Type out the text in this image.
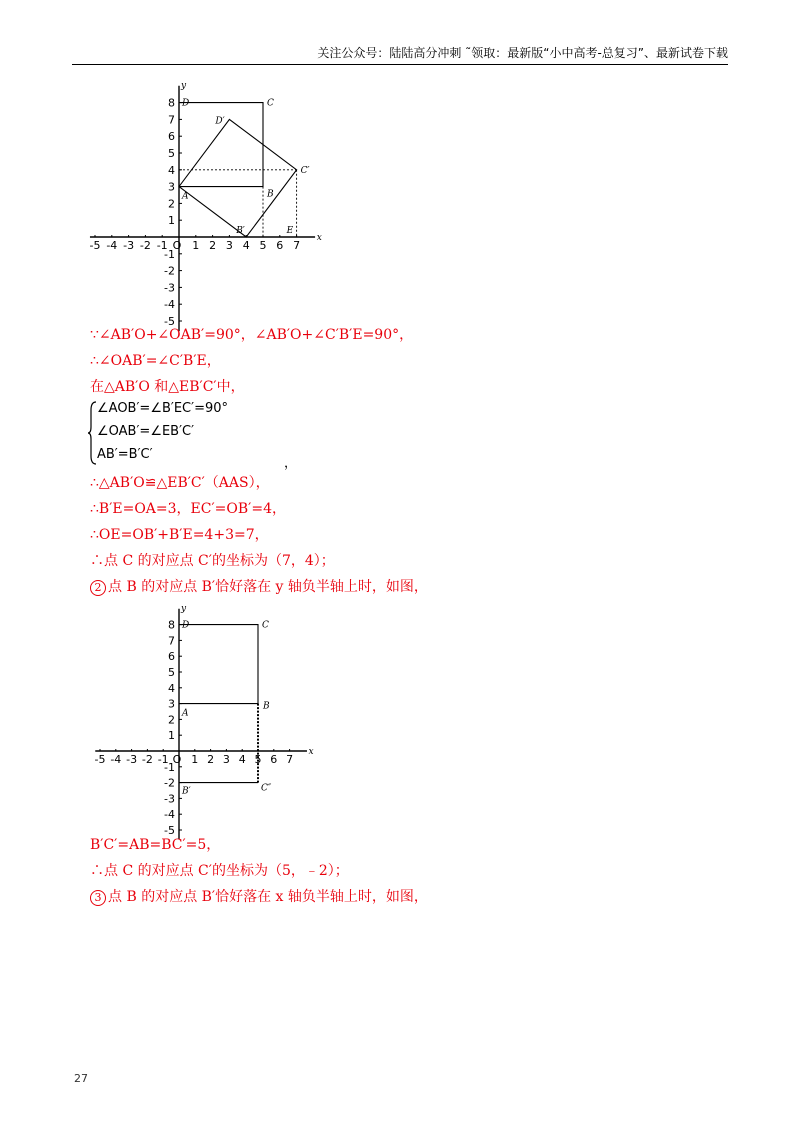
关注公众号：陆陆高分冲刺 ˜领取：最新版“小中高考-总复习”、最新试卷下载
x
y
O
-5 -4 -3 -2 -1 1 2 3 4 5 6 7
1
2
3
4
5
6
7
8
-1
-2
-3
-4
-5
D	C
D′
C′
A	B
B′	E
∵∠AB′O+∠OAB′=90°，∠AB′O+∠C′B′E=90°，
∴∠OAB′=∠C′B′E，
在△AB′O 和△EB′C′中，
∠AOB′=∠B′EC′=90°
∠OAB′=∠EB′C′
AB′=B′C′
，
∴△AB′O≌△EB′C′（AAS），
∴B′E=OA=3，EC′=OB′=4，
∴OE=OB′+B′E=4+3=7，
∴点 C 的对应点 C′的坐标为（7，4）；
2 点 B 的对应点 B′恰好落在 y 轴负半轴上时，如图，
x
y
O
-5 -4 -3 -2 -1 1 2 3 4 5 6 7
1
2
3
4
5
6
7
8
-1
-2
-3
-4
-5
D	C
A
B
B′	C″
B′C′=AB=BC′=5，
∴点 C 的对应点 C′的坐标为（5，﹣2）；
3 点 B 的对应点 B′恰好落在 x 轴负半轴上时，如图，
27
